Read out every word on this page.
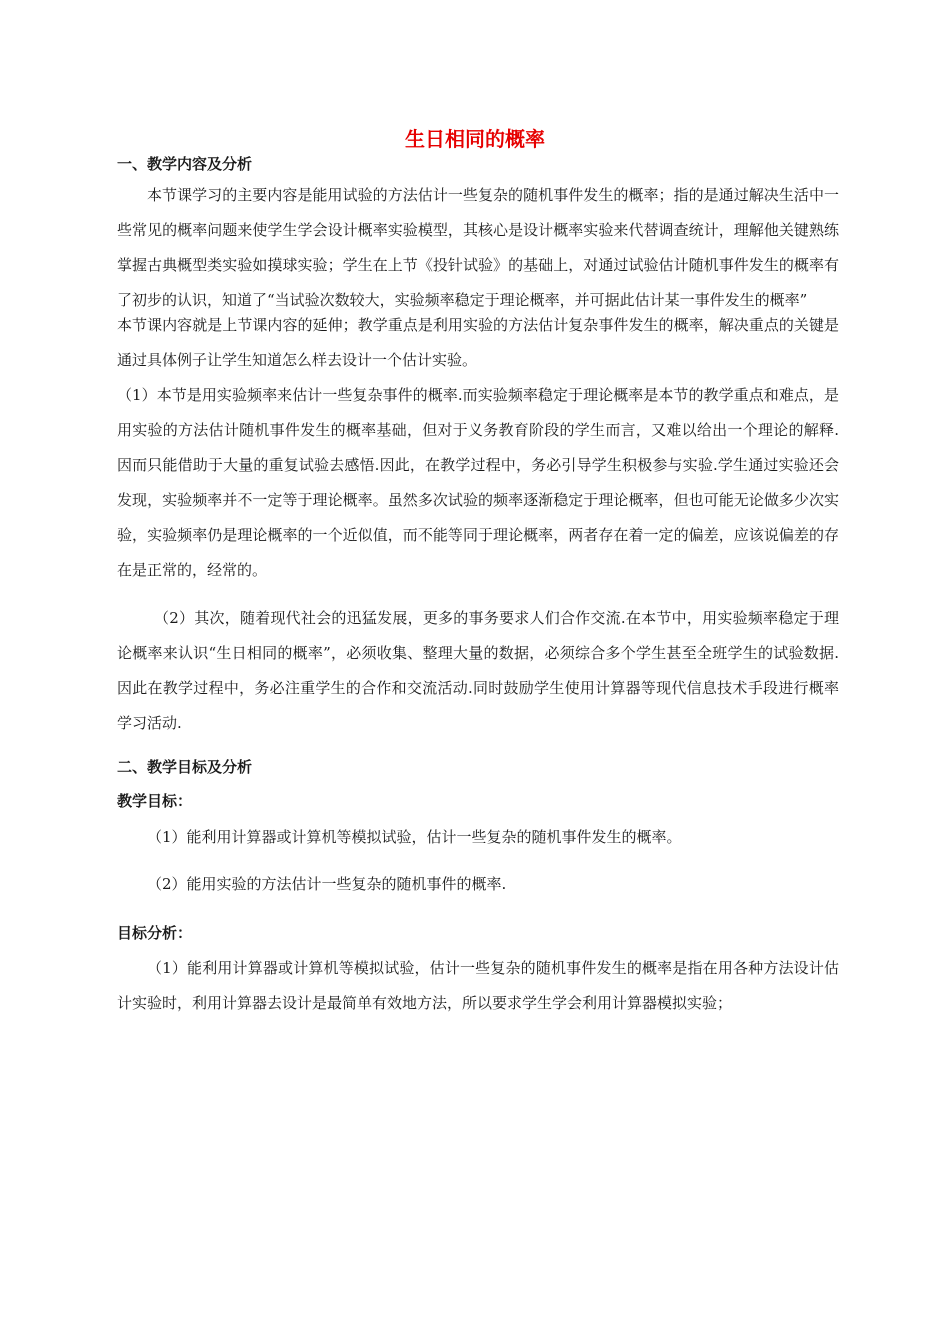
生日相同的概率
一、教学内容及分析

本节课学习的主要内容是能用试验的方法估计一些复杂的随机事件发生的概率；指的是通过解决生活中一些常见的概率问题来使学生学会设计概率实验模型，其核心是设计概率实验来代替调查统计，理解他关键熟练掌握古典概型类实验如摸球实验；学生在上节《投针试验》的基础上，对通过试验估计随机事件发生的概率有了初步的认识，知道了“当试验次数较大，实验频率稳定于理论概率，并可据此估计某一事件发生的概率”

本节课内容就是上节课内容的延伸；教学重点是利用实验的方法估计复杂事件发生的概率，解决重点的关键是通过具体例子让学生知道怎么样去设计一个估计实验。

（1）本节是用实验频率来估计一些复杂事件的概率.而实验频率稳定于理论概率是本节的教学重点和难点，是用实验的方法估计随机事件发生的概率基础，但对于义务教育阶段的学生而言，又难以给出一个理论的解释.因而只能借助于大量的重复试验去感悟.因此，在教学过程中，务必引导学生积极参与实验.学生通过实验还会发现，实验频率并不一定等于理论概率。虽然多次试验的频率逐渐稳定于理论概率，但也可能无论做多少次实验，实验频率仍是理论概率的一个近似值，而不能等同于理论概率，两者存在着一定的偏差，应该说偏差的存在是正常的，经常的。

（2）其次，随着现代社会的迅猛发展，更多的事务要求人们合作交流.在本节中，用实验频率稳定于理论概率来认识“生日相同的概率”，必须收集、整理大量的数据，必须综合多个学生甚至全班学生的试验数据.因此在教学过程中，务必注重学生的合作和交流活动.同时鼓励学生使用计算器等现代信息技术手段进行概率学习活动.

二、教学目标及分析
教学目标：

（1）能利用计算器或计算机等模拟试验，估计一些复杂的随机事件发生的概率。

（2）能用实验的方法估计一些复杂的随机事件的概率.

目标分析：

（1）能利用计算器或计算机等模拟试验，估计一些复杂的随机事件发生的概率是指在用各种方法设计估计实验时，利用计算器去设计是最简单有效地方法，所以要求学生学会利用计算器模拟实验；
